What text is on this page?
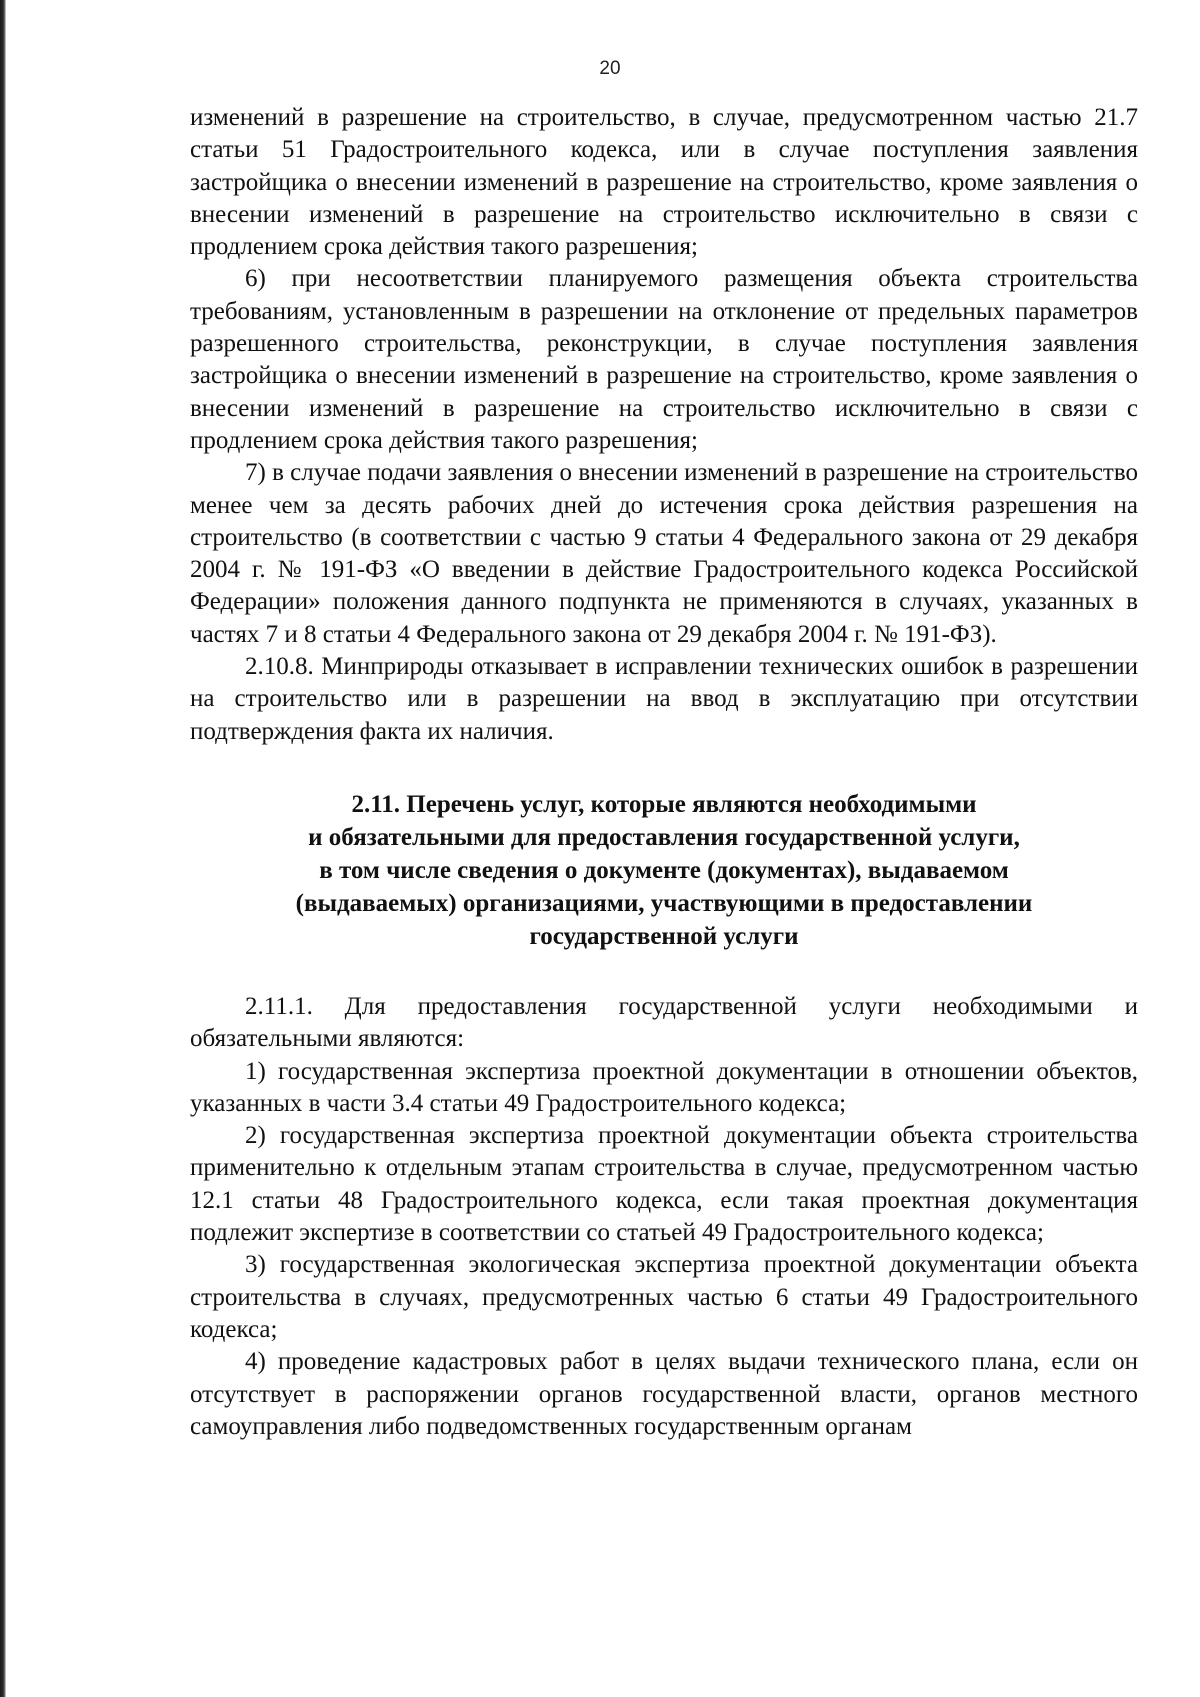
20

изменений в разрешение на строительство, в случае, предусмотренном частью 21.7 статьи 51 Градостроительного кодекса, или в случае поступления заявления застройщика о внесении изменений в разрешение на строительство, кроме заявления о внесении изменений в разрешение на строительство исключительно в связи с продлением срока действия такого разрешения;

6) при несоответствии планируемого размещения объекта строительства требованиям, установленным в разрешении на отклонение от предельных параметров разрешенного строительства, реконструкции, в случае поступления заявления застройщика о внесении изменений в разрешение на строительство, кроме заявления о внесении изменений в разрешение на строительство исключительно в связи с продлением срока действия такого разрешения;

7) в случае подачи заявления о внесении изменений в разрешение на строительство менее чем за десять рабочих дней до истечения срока действия разрешения на строительство (в соответствии с частью 9 статьи 4 Федерального закона от 29 декабря 2004 г. № 191-ФЗ «О введении в действие Градостроительного кодекса Российской Федерации» положения данного подпункта не применяются в случаях, указанных в частях 7 и 8 статьи 4 Федерального закона от 29 декабря 2004 г. № 191-ФЗ).

2.10.8. Минприроды отказывает в исправлении технических ошибок в разрешении на строительство или в разрешении на ввод в эксплуатацию при отсутствии подтверждения факта их наличия.

2.11. Перечень услуг, которые являются необходимыми
и обязательными для предоставления государственной услуги,
в том числе сведения о документе (документах), выдаваемом
(выдаваемых) организациями, участвующими в предоставлении
государственной услуги

2.11.1. Для предоставления государственной услуги необходимыми и обязательными являются:

1) государственная экспертиза проектной документации в отношении объектов, указанных в части 3.4 статьи 49 Градостроительного кодекса;

2) государственная экспертиза проектной документации объекта строительства применительно к отдельным этапам строительства в случае, предусмотренном частью 12.1 статьи 48 Градостроительного кодекса, если такая проектная документация подлежит экспертизе в соответствии со статьей 49 Градостроительного кодекса;

3) государственная экологическая экспертиза проектной документации объекта строительства в случаях, предусмотренных частью 6 статьи 49 Градостроительного кодекса;

4) проведение кадастровых работ в целях выдачи технического плана, если он отсутствует в распоряжении органов государственной власти, органов местного самоуправления либо подведомственных государственным органам
